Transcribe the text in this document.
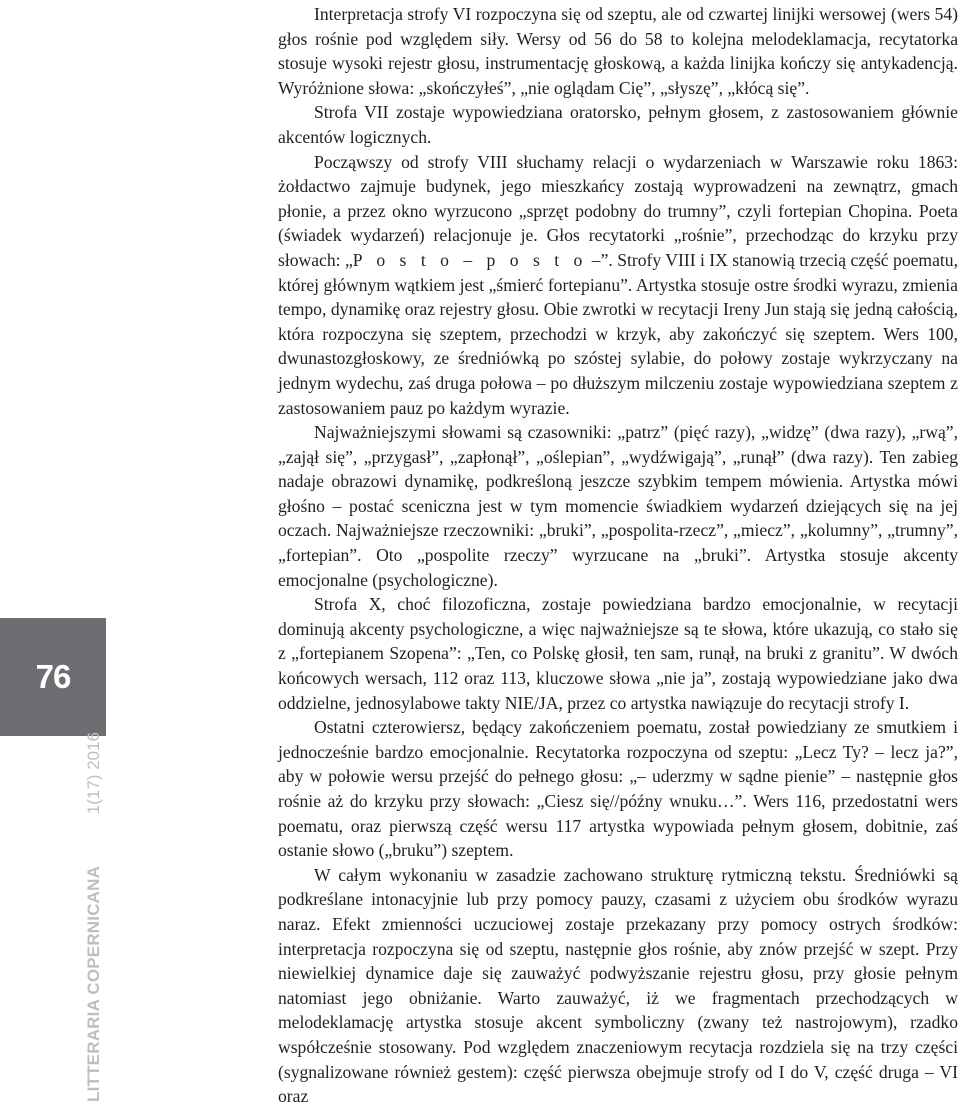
76
LITTERARIA COPERNICANA
1(17) 2016

Interpretacja strofy VI rozpoczyna się od szeptu, ale od czwartej linijki wersowej (wers 54) głos rośnie pod względem siły. Wersy od 56 do 58 to kolejna melodeklamacja, recytatorka stosuje wysoki rejestr głosu, instrumentację głoskową, a każda linijka kończy się antykadencją. Wyróżnione słowa: „skończyłeś”, „nie oglądam Cię”, „słyszę”, „kłócą się”.

Strofa VII zostaje wypowiedziana oratorsko, pełnym głosem, z zastosowaniem głównie akcentów logicznych.

Począwszy od strofy VIII słuchamy relacji o wydarzeniach w Warszawie roku 1863: żołdactwo zajmuje budynek, jego mieszkańcy zostają wyprowadzeni na zewnątrz, gmach płonie, a przez okno wyrzucono „sprzęt podobny do trumny”, czyli fortepian Chopina. Poeta (świadek wydarzeń) relacjonuje je. Głos recytatorki „rośnie”, przechodząc do krzyku przy słowach: „P o s t o – p o s t o –”. Strofy VIII i IX stanowią trzecią część poematu, której głównym wątkiem jest „śmierć fortepianu”. Artystka stosuje ostre środki wyrazu, zmienia tempo, dynamikę oraz rejestry głosu. Obie zwrotki w recytacji Ireny Jun stają się jedną całością, która rozpoczyna się szeptem, przechodzi w krzyk, aby zakończyć się szeptem. Wers 100, dwunastozgłoskowy, ze średniówką po szóstej sylabie, do połowy zostaje wykrzyczany na jednym wydechu, zaś druga połowa – po dłuższym milczeniu zostaje wypowiedziana szeptem z zastosowaniem pauz po każdym wyrazie.

Najważniejszymi słowami są czasowniki: „patrz” (pięć razy), „widzę” (dwa razy), „rwą”, „zajął się”, „przygasł”, „zapłonął”, „oślepian”, „wydźwigają”, „runął” (dwa razy). Ten zabieg nadaje obrazowi dynamikę, podkreśloną jeszcze szybkim tempem mówienia. Artystka mówi głośno – postać sceniczna jest w tym momencie świadkiem wydarzeń dziejących się na jej oczach. Najważniejsze rzeczowniki: „bruki”, „pospolita-rzecz”, „miecz”, „kolumny”, „trumny”, „fortepian”. Oto „pospolite rzeczy” wyrzucane na „bruki”. Artystka stosuje akcenty emocjonalne (psychologiczne).

Strofa X, choć filozoficzna, zostaje powiedziana bardzo emocjonalnie, w recytacji dominują akcenty psychologiczne, a więc najważniejsze są te słowa, które ukazują, co stało się z „fortepianem Szopena”: „Ten, co Polskę głosił, ten sam, runął, na bruki z granitu”. W dwóch końcowych wersach, 112 oraz 113, kluczowe słowa „nie ja”, zostają wypowiedziane jako dwa oddzielne, jednosylabowe takty NIE/JA, przez co artystka nawiązuje do recytacji strofy I.

Ostatni czterowiersz, będący zakończeniem poematu, został powiedziany ze smutkiem i jednocześnie bardzo emocjonalnie. Recytatorka rozpoczyna od szeptu: „Lecz Ty? – lecz ja?”, aby w połowie wersu przejść do pełnego głosu: „– uderzmy w sądne pienie” – następnie głos rośnie aż do krzyku przy słowach: „Ciesz się//późny wnuku…”. Wers 116, przedostatni wers poematu, oraz pierwszą część wersu 117 artystka wypowiada pełnym głosem, dobitnie, zaś ostanie słowo („bruku”) szeptem.

W całym wykonaniu w zasadzie zachowano strukturę rytmiczną tekstu. Średniówki są podkreślane intonacyjnie lub przy pomocy pauzy, czasami z użyciem obu środków wyrazu naraz. Efekt zmienności uczuciowej zostaje przekazany przy pomocy ostrych środków: interpretacja rozpoczyna się od szeptu, następnie głos rośnie, aby znów przejść w szept. Przy niewielkiej dynamice daje się zauważyć podwyższanie rejestru głosu, przy głosie pełnym natomiast jego obniżanie. Warto zauważyć, iż we fragmentach przechodzących w melodeklamację artystka stosuje akcent symboliczny (zwany też nastrojowym), rzadko współcześnie stosowany. Pod względem znaczeniowym recytacja rozdziela się na trzy części (sygnalizowane również gestem): część pierwsza obejmuje strofy od I do V, część druga – VI oraz
